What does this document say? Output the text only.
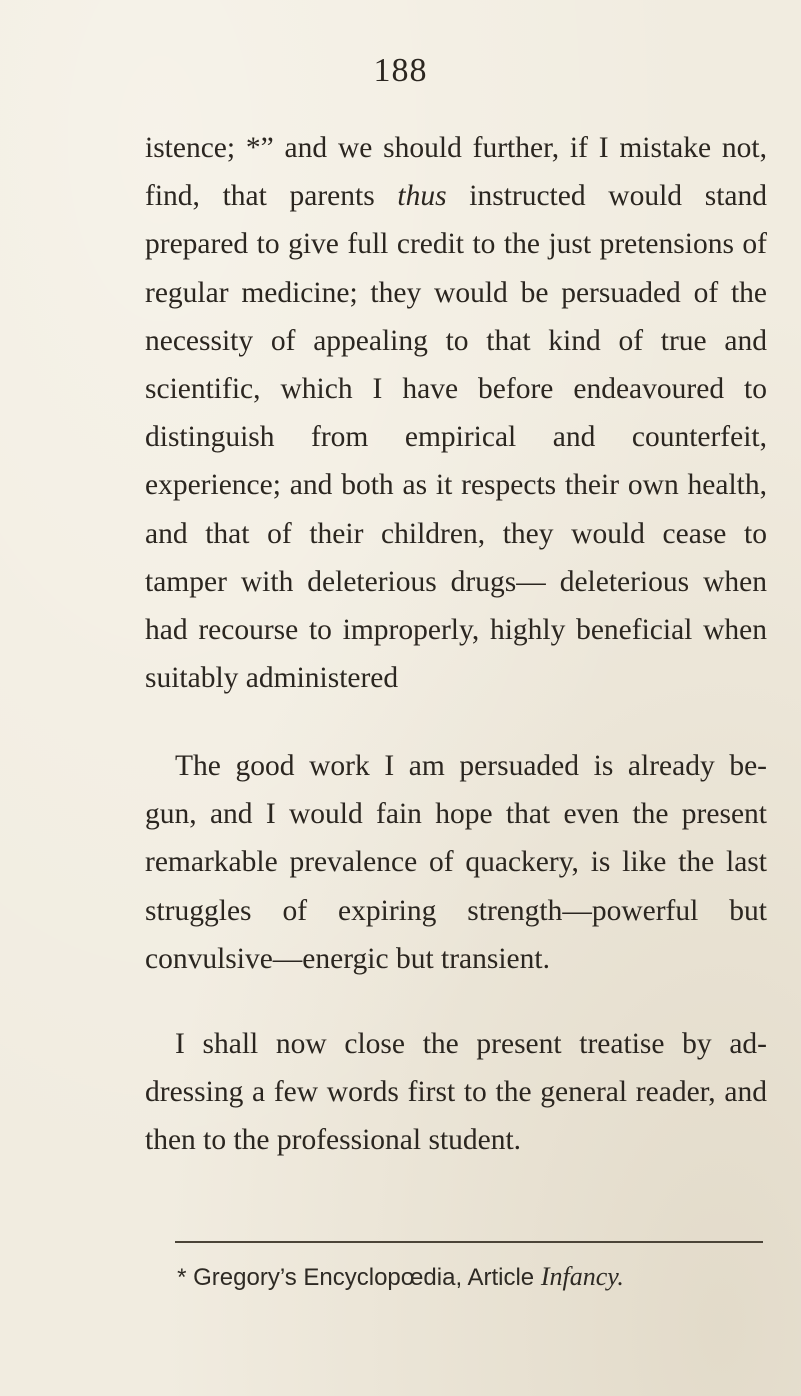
188

istence; *” and we should further, if I mistake not, find, that parents thus instructed would stand prepared to give full credit to the just pretensions of regular medicine; they would be persuaded of the necessity of appealing to that kind of true and scientific, which I have before endeavoured to distinguish from empirical and counterfeit, experience; and both as it respects their own health, and that of their children, they would cease to tamper with deleterious drugs— deleterious when had recourse to improperly, highly beneficial when suitably administered

The good work I am persuaded is already be- gun, and I would fain hope that even the present remarkable prevalence of quackery, is like the last struggles of expiring strength—powerful but convulsive—energic but transient.

I shall now close the present treatise by ad- dressing a few words first to the general reader, and then to the professional student.

* Gregory’s Encyclopœdia, Article Infancy.
